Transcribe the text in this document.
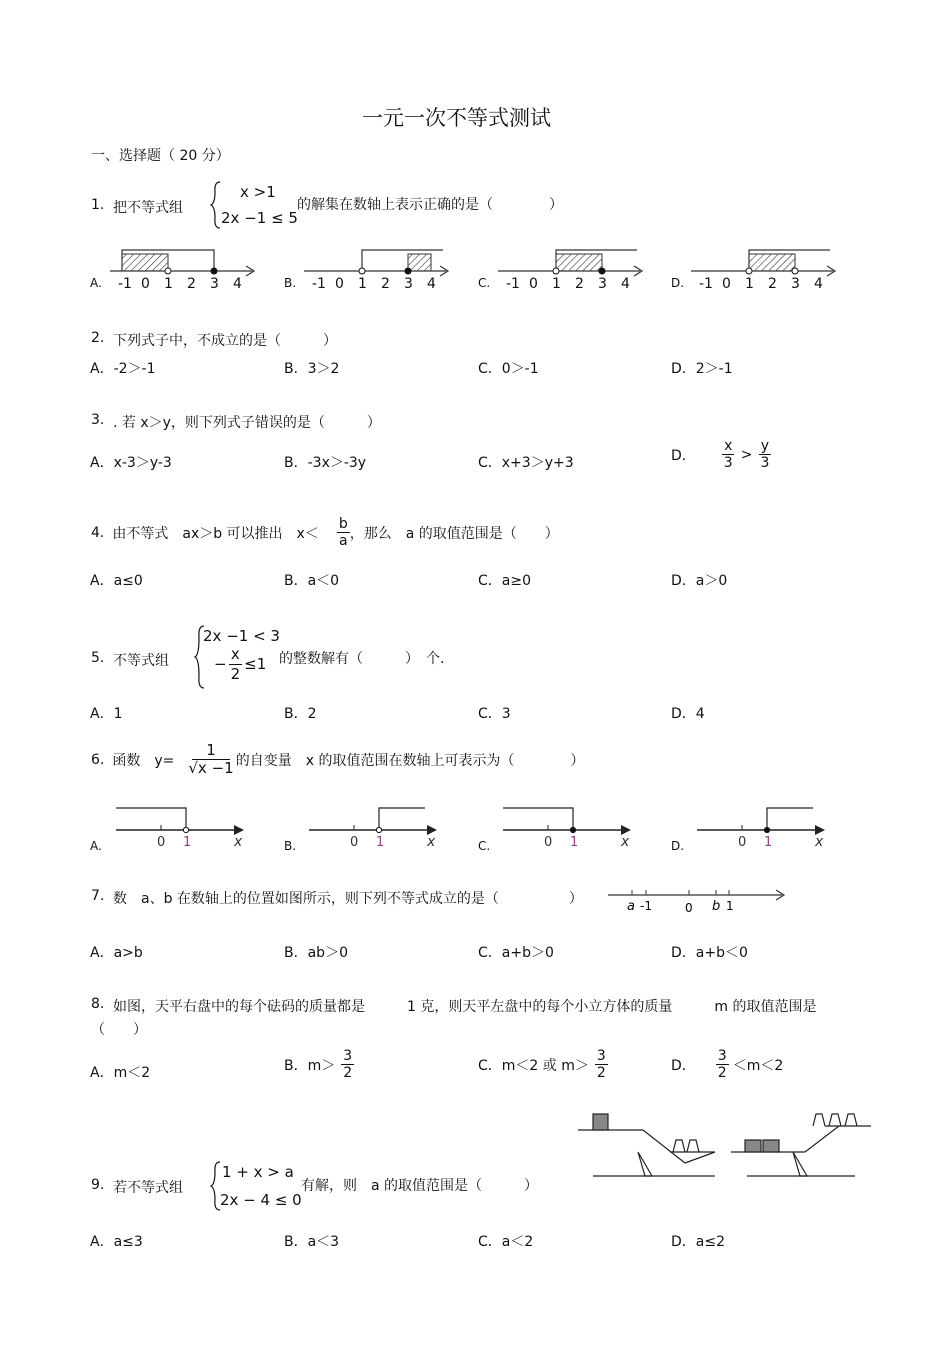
一元一次不等式测试
一、选择题（ 20 分）
1. 把不等式组
x >1
2x −1 ≤ 5
的解集在数轴上表示正确的是（　　　　）
A.	B.	C.	D.
-1 0 1 2 3 4	-1 0 1 2 3 4	-1 0 1 2 3 4	-1 0 1 2 3 4
2. 下列式子中，不成立的是（　　　）
A．-2＞-1	B．3＞2	C．0＞-1	D．2＞-1
3. . 若 x＞y，则下列式子错误的是（　　　）
A．x-3＞y-3	B．-3x＞-3y	C．x+3＞y+3	D． $\frac{x}{3} > \frac{y}{3}$
4. 由不等式　ax＞b 可以推出　$x< \frac{b}{a}$ ，那么　a 的取值范围是（　　）
A．a≤0	B．a＜0	C．a≥0	D．a＞0
5. 不等式组
2x −1 < 3
− $\frac{x}{2} \le 1$ 的整数解有（　　　）　个.
A．1	B．2	C．3	D．4
6. 函数　$y= \frac{1}{√x -1}$ 的自变量　x 的取值范围在数轴上可表示为（　　　　）
A.	B.	C.	D.
0 1	x	0 1	x	0 1	x	0 1	x
7. 数　a、b 在数轴上的位置如图所示，则下列不等式成立的是（　　　　　）	a -1	0 b 1
A．a>b	B．ab＞0	C．a+b＞0	D．a+b＜0
8. 如图，天平右盘中的每个砝码的质量都是　　　1 克，则天平左盘中的每个小立方体的质量　　　m 的取值范围是
（　　）
A．m＜2	B．$m> \frac{3}{2}$	C．m＜2 或 $m> \frac{3}{2}$	D． $\frac{3}{2} <m<2$
9. 若不等式组
1 + x > a
2x − 4 ≤ 0
有解，则　a 的取值范围是（　　　）
A．a≤3	B．a＜3	C．a＜2	D．a≤2
